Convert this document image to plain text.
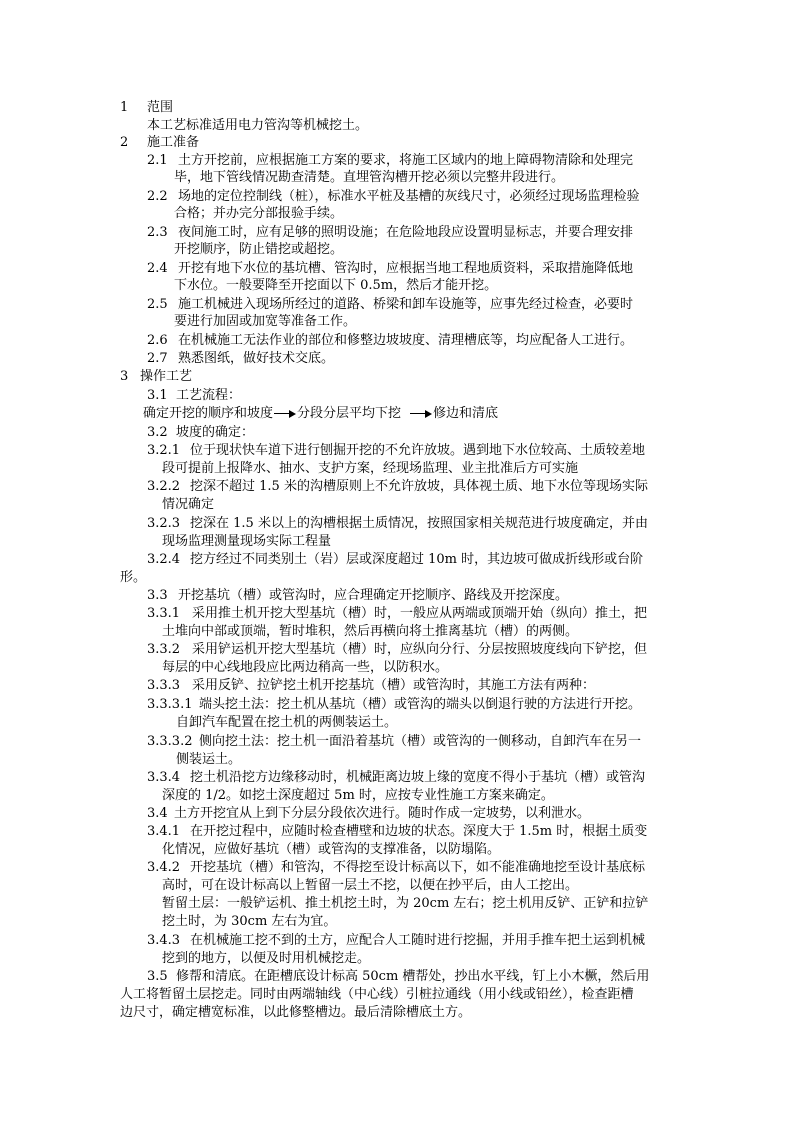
1 范围
本工艺标准适用电力管沟等机械挖土。
2 施工准备
2.1 土方开挖前，应根据施工方案的要求，将施工区域内的地上障碍物清除和处理完
毕，地下管线情况勘查清楚。直埋管沟槽开挖必须以完整井段进行。
2.2 场地的定位控制线（桩），标准水平桩及基槽的灰线尺寸，必须经过现场监理检验
合格；并办完分部报验手续。
2.3 夜间施工时，应有足够的照明设施；在危险地段应设置明显标志，并要合理安排
开挖顺序，防止错挖或超挖。
2.4 开挖有地下水位的基坑槽、管沟时，应根据当地工程地质资料，采取措施降低地
下水位。一般要降至开挖面以下 0.5m，然后才能开挖。
2.5 施工机械进入现场所经过的道路、桥梁和卸车设施等，应事先经过检查，必要时
要进行加固或加宽等准备工作。
2.6 在机械施工无法作业的部位和修整边坡坡度、清理槽底等，均应配备人工进行。
2.7 熟悉图纸，做好技术交底。
3 操作工艺
3.1 工艺流程：
确定开挖的顺序和坡度 分段分层平均下挖 修边和清底
3.2 坡度的确定：
3.2.1 位于现状快车道下进行刨掘开挖的不允许放坡。遇到地下水位较高、土质较差地
段可提前上报降水、抽水、支护方案，经现场监理、业主批准后方可实施
3.2.2 挖深不超过 1.5 米的沟槽原则上不允许放坡，具体视土质、地下水位等现场实际
情况确定
3.2.3 挖深在 1.5 米以上的沟槽根据土质情况，按照国家相关规范进行坡度确定，并由
现场监理测量现场实际工程量
3.2.4 挖方经过不同类别土（岩）层或深度超过 10m 时，其边坡可做成折线形或台阶
形。
3.3 开挖基坑（槽）或管沟时，应合理确定开挖顺序、路线及开挖深度。
3.3.1 采用推土机开挖大型基坑（槽）时，一般应从两端或顶端开始（纵向）推土，把
土堆向中部或顶端，暂时堆积，然后再横向将土推离基坑（槽）的两侧。
3.3.2 采用铲运机开挖大型基坑（槽）时，应纵向分行、分层按照坡度线向下铲挖，但
每层的中心线地段应比两边稍高一些，以防积水。
3.3.3 采用反铲、拉铲挖土机开挖基坑（槽）或管沟时，其施工方法有两种：
3.3.3.1 端头挖土法：挖土机从基坑（槽）或管沟的端头以倒退行驶的方法进行开挖。
自卸汽车配置在挖土机的两侧装运土。
3.3.3.2 侧向挖土法：挖土机一面沿着基坑（槽）或管沟的一侧移动，自卸汽车在另一
侧装运土。
3.3.4 挖土机沿挖方边缘移动时，机械距离边坡上缘的宽度不得小于基坑（槽）或管沟
深度的 1/2。如挖土深度超过 5m 时，应按专业性施工方案来确定。
3.4 土方开挖宜从上到下分层分段依次进行。随时作成一定坡势，以利泄水。
3.4.1 在开挖过程中，应随时检查槽壁和边坡的状态。深度大于 1.5m 时，根据土质变
化情况，应做好基坑（槽）或管沟的支撑准备，以防塌陷。
3.4.2 开挖基坑（槽）和管沟，不得挖至设计标高以下，如不能准确地挖至设计基底标
高时，可在设计标高以上暂留一层土不挖，以便在抄平后，由人工挖出。
暂留土层：一般铲运机、推土机挖土时，为 20cm 左右；挖土机用反铲、正铲和拉铲
挖土时，为 30cm 左右为宜。
3.4.3 在机械施工挖不到的土方，应配合人工随时进行挖掘，并用手推车把土运到机械
挖到的地方，以便及时用机械挖走。
3.5 修帮和清底。在距槽底设计标高 50cm 槽帮处，抄出水平线，钉上小木橛，然后用
人工将暂留土层挖走。同时由两端轴线（中心线）引桩拉通线（用小线或铅丝），检查距槽
边尺寸，确定槽宽标准，以此修整槽边。最后清除槽底土方。
